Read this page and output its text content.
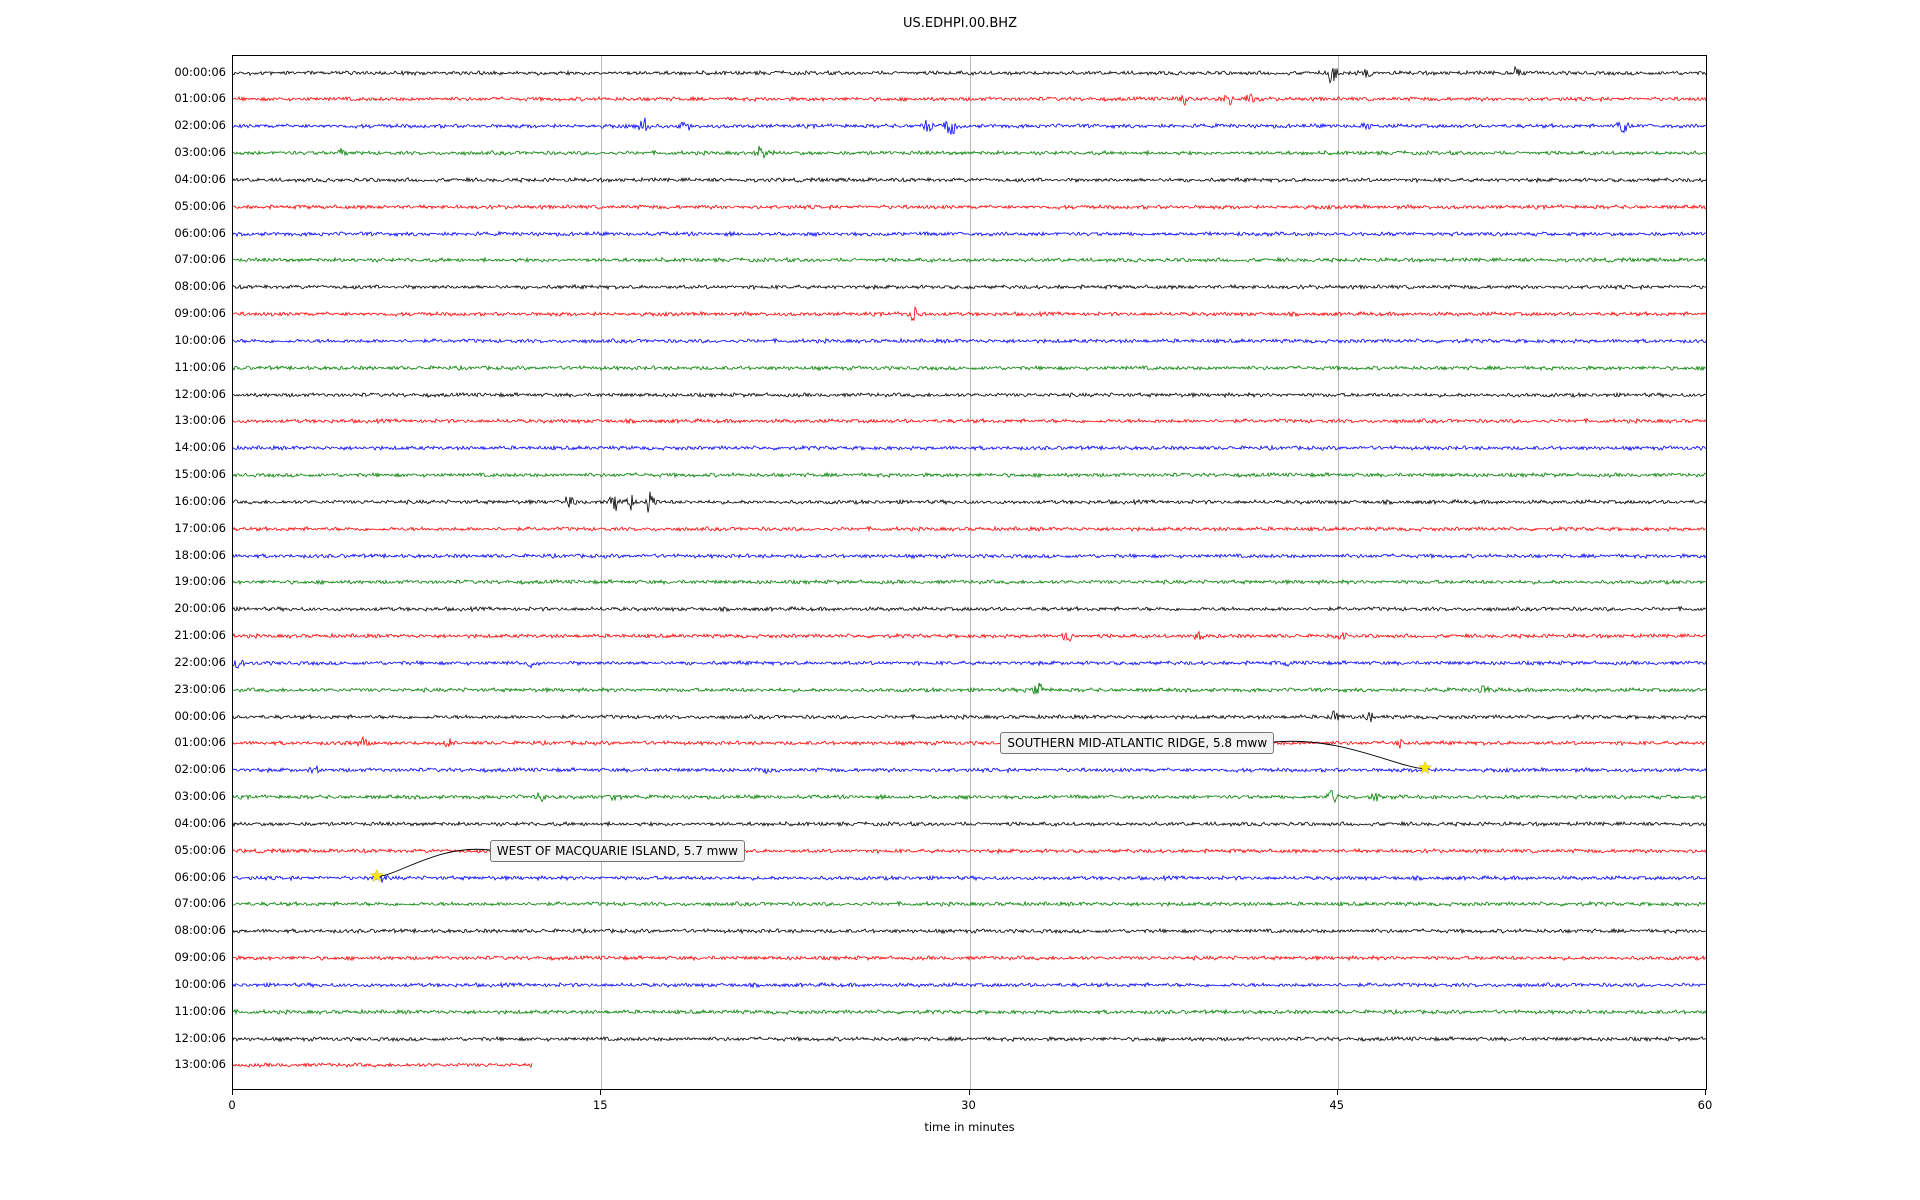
US.EDHPI.00.BHZ
00:00:06
01:00:06
02:00:06
03:00:06
04:00:06
05:00:06
06:00:06
07:00:06
08:00:06
09:00:06
10:00:06
11:00:06
12:00:06
13:00:06
14:00:06
15:00:06
16:00:06
17:00:06
18:00:06
19:00:06
20:00:06
21:00:06
22:00:06
23:00:06
00:00:06
01:00:06
02:00:06
03:00:06
04:00:06
05:00:06
06:00:06
07:00:06
08:00:06
09:00:06
10:00:06
11:00:06
12:00:06
13:00:06
0	15	30	45	60
time in minutes
SOUTHERN MID-ATLANTIC RIDGE, 5.8 mww
★
WEST OF MACQUARIE ISLAND, 5.7 mww
★
